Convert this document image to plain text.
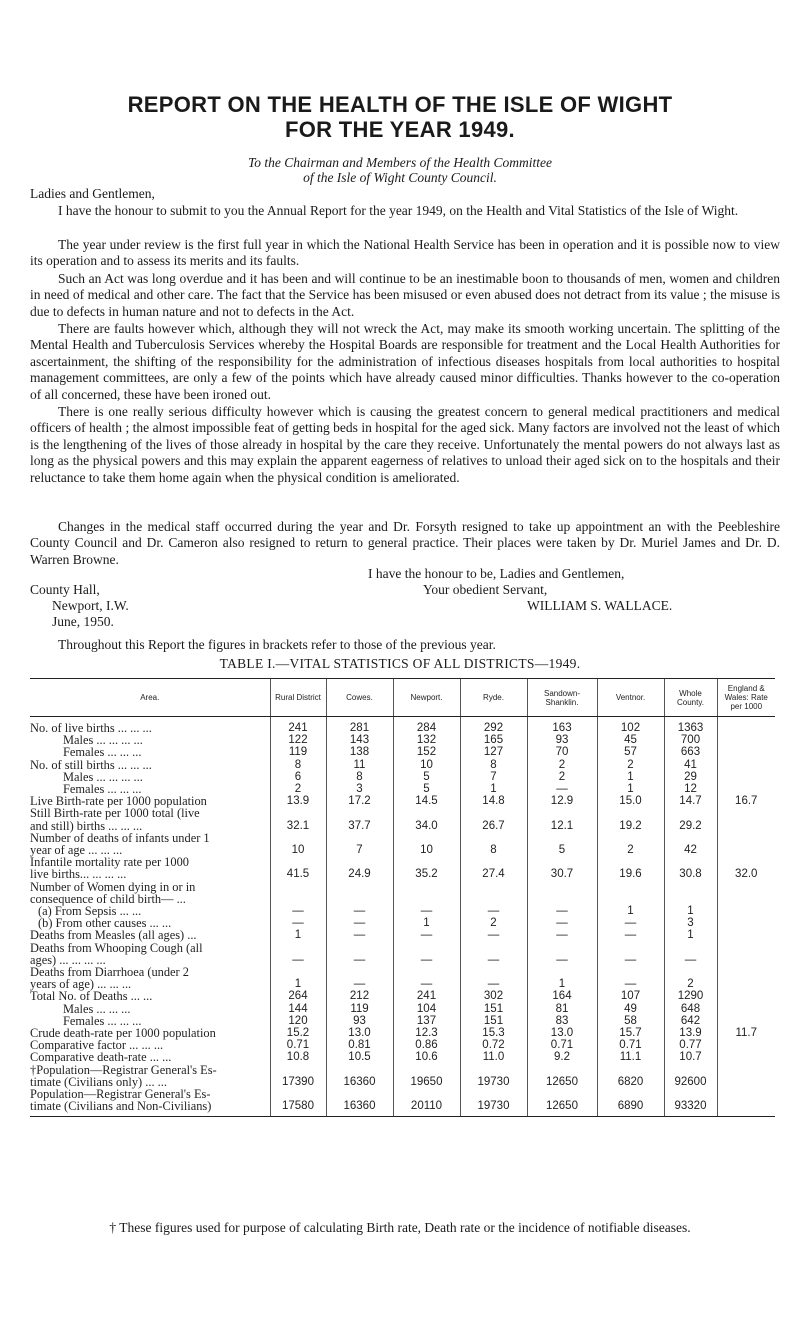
REPORT ON THE HEALTH OF THE ISLE OF WIGHT
FOR THE YEAR 1949.
To the Chairman and Members of the Health Committee
of the Isle of Wight County Council.
Ladies and Gentlemen,
I have the honour to submit to you the Annual Report for the year 1949, on the Health and Vital Statistics of the Isle of Wight.
The year under review is the first full year in which the National Health Service has been in operation and it is possible now to view its operation and to assess its merits and its faults.
Such an Act was long overdue and it has been and will continue to be an inestimable boon to thousands of men, women and children in need of medical and other care. The fact that the Service has been misused or even abused does not detract from its value ; the misuse is due to defects in human nature and not to defects in the Act.
There are faults however which, although they will not wreck the Act, may make its smooth working uncertain. The splitting of the Mental Health and Tuberculosis Services whereby the Hospital Boards are responsible for treatment and the Local Health Authorities for ascertainment, the shifting of the responsibility for the administration of infectious diseases hospitals from local authorities to hospital management committees, are only a few of the points which have already caused minor difficulties. Thanks however to the co-operation of all concerned, these have been ironed out.
There is one really serious difficulty however which is causing the greatest concern to general medical practitioners and medical officers of health ; the almost impossible feat of getting beds in hospital for the aged sick. Many factors are involved not the least of which is the lengthening of the lives of those already in hospital by the care they receive. Unfortunately the mental powers do not always last as long as the physical powers and this may explain the apparent eagerness of relatives to unload their aged sick on to the hospitals and their reluctance to take them home again when the physical condition is ameliorated.
Changes in the medical staff occurred during the year and Dr. Forsyth resigned to take up appointment an with the Peebleshire County Council and Dr. Cameron also resigned to return to general practice. Their places were taken by Dr. Muriel James and Dr. D. Warren Browne.
I have the honour to be, Ladies and Gentlemen,
Your obedient Servant,
WILLIAM S. WALLACE.
County Hall,
Newport, I.W.
June, 1950.
Throughout this Report the figures in brackets refer to those of the previous year.
TABLE I.—VITAL STATISTICS OF ALL DISTRICTS—1949.
Area.	Rural District	Cowes.	Newport.	Ryde.	Sandown-Shanklin.	Ventnor.	Whole County.	England & Wales: Rate per 1000

No. of live births ... ... ...	241	281	284	292	163	102	1363	

Males ... ... ... ...	122	143	132	165	93	45	700	

Females ... ... ...	119	138	152	127	70	57	663	

No. of still births ... ... ...	8	11	10	8	2	2	41	

Males ... ... ... ...	6	8	5	7	2	1	29	

Females ... ... ...	2	3	5	1	—	1	12	

Live Birth-rate per 1000 population	13.9	17.2	14.5	14.8	12.9	15.0	14.7	16.7

Still Birth-rate per 1000 total (live
and still) births ... ... ...	32.1	37.7	34.0	26.7	12.1	19.2	29.2	

Number of deaths of infants under 1
year of age ... ... ...	10	7	10	8	5	2	42	

Infantile mortality rate per 1000
live births... ... ... ...	41.5	24.9	35.2	27.4	30.7	19.6	30.8	32.0

Number of Women dying in or in
consequence of child birth— ...								

(a) From Sepsis ... ...	—	—	—	—	—	1	1	

(b) From other causes ... ...	—	—	1	2	—	—	3	

Deaths from Measles (all ages) ...	1	—	—	—	—	—	1	

Deaths from Whooping Cough (all
ages) ... ... ... ...	—	—	—	—	—	—	—	

Deaths from Diarrhoea (under 2
years of age) ... ... ...	1	—	—	—	1	—	2	

Total No. of Deaths ... ...	264	212	241	302	164	107	1290	

Males ... ... ...	144	119	104	151	81	49	648	

Females ... ... ...	120	93	137	151	83	58	642	

Crude death-rate per 1000 population	15.2	13.0	12.3	15.3	13.0	15.7	13.9	11.7

Comparative factor ... ... ...	0.71	0.81	0.86	0.72	0.71	0.71	0.77	

Comparative death-rate ... ...	10.8	10.5	10.6	11.0	9.2	11.1	10.7	

†Population—Registrar General's Es-
timate (Civilians only) ... ...	17390	16360	19650	19730	12650	6820	92600	

Population—Registrar General's Es-
timate (Civilians and Non-Civilians)	17580	16360	20110	19730	12650	6890	93320	
† These figures used for purpose of calculating Birth rate, Death rate or the incidence of notifiable diseases.
